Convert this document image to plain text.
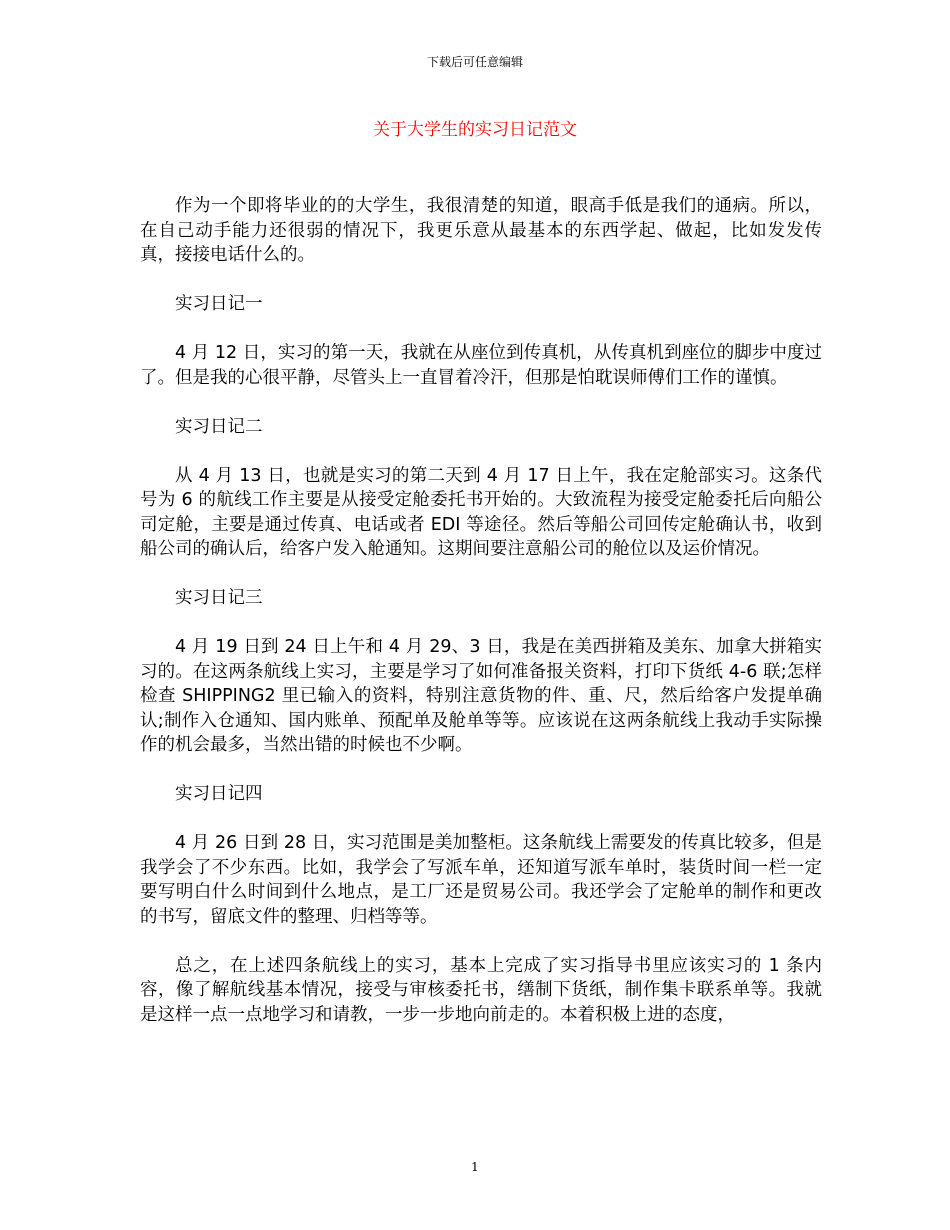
下载后可任意编辑
关于大学生的实习日记范文

作为一个即将毕业的的大学生，我很清楚的知道，眼高手低是我们的通病。所以，在自己动手能力还很弱的情况下，我更乐意从最基本的东西学起、做起，比如发发传真，接接电话什么的。

实习日记一

4 月 12 日，实习的第一天，我就在从座位到传真机，从传真机到座位的脚步中度过了。但是我的心很平静，尽管头上一直冒着冷汗，但那是怕耽误师傅们工作的谨慎。

实习日记二

从 4 月 13 日，也就是实习的第二天到 4 月 17 日上午，我在定舱部实习。这条代号为 6 的航线工作主要是从接受定舱委托书开始的。大致流程为接受定舱委托后向船公司定舱，主要是通过传真、电话或者 EDI 等途径。然后等船公司回传定舱确认书，收到船公司的确认后，给客户发入舱通知。这期间要注意船公司的舱位以及运价情况。

实习日记三

4 月 19 日到 24 日上午和 4 月 29、3 日，我是在美西拼箱及美东、加拿大拼箱实习的。在这两条航线上实习，主要是学习了如何准备报关资料，打印下货纸 4-6 联;怎样检查 SHIPPING2 里已输入的资料，特别注意货物的件、重、尺，然后给客户发提单确认;制作入仓通知、国内账单、预配单及舱单等等。应该说在这两条航线上我动手实际操作的机会最多，当然出错的时候也不少啊。

实习日记四

4 月 26 日到 28 日，实习范围是美加整柜。这条航线上需要发的传真比较多，但是我学会了不少东西。比如，我学会了写派车单，还知道写派车单时，装货时间一栏一定要写明白什么时间到什么地点，是工厂还是贸易公司。我还学会了定舱单的制作和更改的书写，留底文件的整理、归档等等。

总之，在上述四条航线上的实习，基本上完成了实习指导书里应该实习的 1 条内容，像了解航线基本情况，接受与审核委托书，缮制下货纸，制作集卡联系单等。我就是这样一点一点地学习和请教，一步一步地向前走的。本着积极上进的态度，

1
